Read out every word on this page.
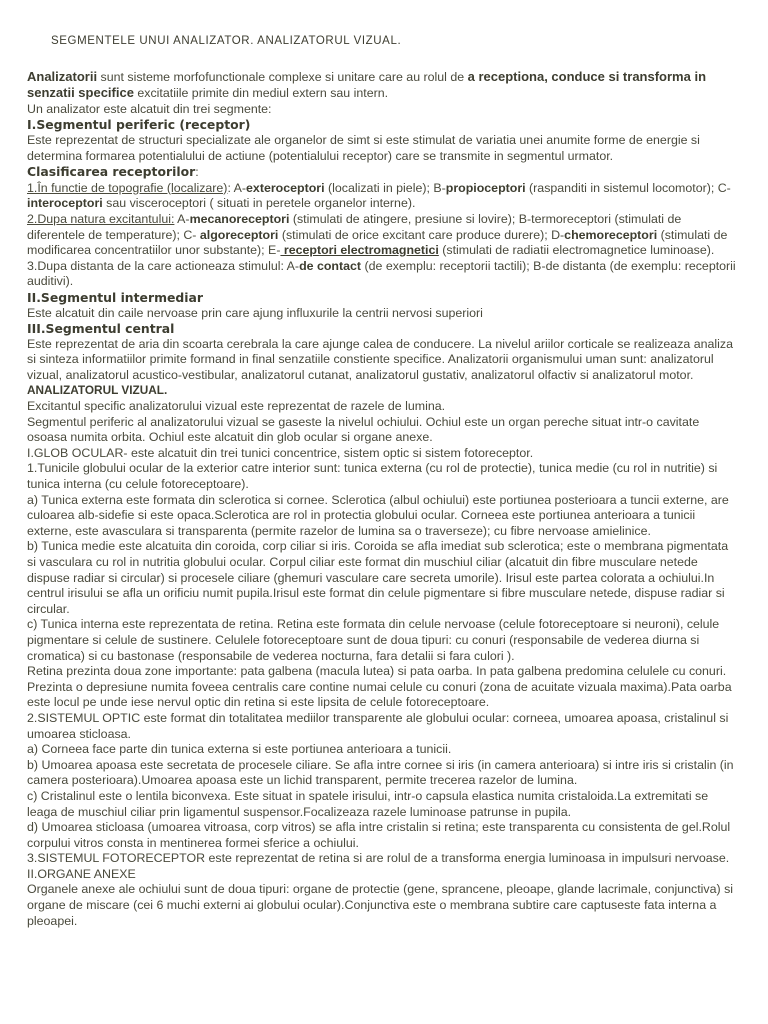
SEGMENTELE UNUI ANALIZATOR. ANALIZATORUL VIZUAL.

Analizatorii sunt sisteme morfofunctionale complexe si unitare care au rolul de a receptiona, conduce si transforma in senzatii specifice excitatiile primite din mediul extern sau intern.

Un analizator este alcatuit din trei segmente:

I.Segmentul periferic (receptor)

Este reprezentat de structuri specializate ale organelor de simt si este stimulat de variatia unei anumite forme de energie si determina formarea potentialului de actiune (potentialului receptor) care se transmite in segmentul urmator.

Clasificarea receptorilor:

1.În functie de topografie (localizare): A-exteroceptori (localizati in piele); B-propioceptori (raspanditi in sistemul locomotor); C- interoceptori sau visceroceptori ( situati in peretele organelor interne).

2.Dupa natura excitantului: A-mecanoreceptori (stimulati de atingere, presiune si lovire); B-termoreceptori (stimulati de diferentele de temperature); C- algoreceptori (stimulati de orice excitant care produce durere); D-chemoreceptori (stimulati de modificarea concentratiilor unor substante); E- receptori electromagnetici (stimulati de radiatii electromagnetice luminoase).

3.Dupa distanta de la care actioneaza stimulul: A-de contact (de exemplu: receptorii tactili); B-de distanta (de exemplu: receptorii auditivi).

II.Segmentul intermediar

Este alcatuit din caile nervoase prin care ajung influxurile la centrii nervosi superiori

III.Segmentul central

Este reprezentat de aria din scoarta cerebrala la care ajunge calea de conducere. La nivelul ariilor corticale se realizeaza analiza si sinteza informatiilor primite formand in final senzatiile constiente specifice. Analizatorii organismului uman sunt: analizatorul vizual, analizatorul acustico-vestibular, analizatorul cutanat, analizatorul gustativ, analizatorul olfactiv si analizatorul motor.

ANALIZATORUL VIZUAL.

Excitantul specific analizatorului vizual este reprezentat de razele de lumina.

Segmentul periferic al analizatorului vizual se gaseste la nivelul ochiului. Ochiul este un organ pereche situat intr-o cavitate osoasa numita orbita. Ochiul este alcatuit din glob ocular si organe anexe.

I.GLOB OCULAR- este alcatuit din trei tunici concentrice, sistem optic si sistem fotoreceptor.

1.Tunicile globului ocular de la exterior catre interior sunt: tunica externa (cu rol de protectie), tunica medie (cu rol in nutritie) si tunica interna (cu celule fotoreceptoare).

a) Tunica externa este formata din sclerotica si cornee. Sclerotica (albul ochiului) este portiunea posterioara a tuncii externe, are culoarea alb-sidefie si este opaca.Sclerotica are rol in protectia globului ocular. Corneea este portiunea anterioara a tunicii externe, este avasculara si transparenta (permite razelor de lumina sa o traverseze); cu fibre nervoase amielinice.

b) Tunica medie este alcatuita din coroida, corp ciliar si iris. Coroida se afla imediat sub sclerotica; este o membrana pigmentata si vasculara cu rol in nutritia globului ocular. Corpul ciliar este format din muschiul ciliar (alcatuit din fibre musculare netede dispuse radiar si circular) si procesele ciliare (ghemuri vasculare care secreta umorile). Irisul este partea colorata a ochiului.In centrul irisului se afla un orificiu numit pupila.Irisul este format din celule pigmentare si fibre musculare netede, dispuse radiar si circular.

c) Tunica interna este reprezentata de retina. Retina este formata din celule nervoase (celule fotoreceptoare si neuroni), celule pigmentare si celule de sustinere. Celulele fotoreceptoare sunt de doua tipuri: cu conuri (responsabile de vederea diurna si cromatica) si cu bastonase (responsabile de vederea nocturna, fara detalii si fara culori ).

Retina prezinta doua zone importante: pata galbena (macula lutea) si pata oarba. In pata galbena predomina celulele cu conuri. Prezinta o depresiune numita foveea centralis care contine numai celule cu conuri (zona de acuitate vizuala maxima).Pata oarba este locul pe unde iese nervul optic din retina si este lipsita de celule fotoreceptoare.

2.SISTEMUL OPTIC este format din totalitatea mediilor transparente ale globului ocular: corneea, umoarea apoasa, cristalinul si umoarea sticloasa.

a) Corneea face parte din tunica externa si este portiunea anterioara a tunicii.

b) Umoarea apoasa este secretata de procesele ciliare. Se afla intre cornee si iris (in camera anterioara) si intre iris si cristalin (in camera posterioara).Umoarea apoasa este un lichid transparent, permite trecerea razelor de lumina.

c) Cristalinul este o lentila biconvexa. Este situat in spatele irisului, intr-o capsula elastica numita cristaloida.La extremitati se leaga de muschiul ciliar prin ligamentul suspensor.Focalizeaza razele luminoase patrunse in pupila.

d) Umoarea sticloasa (umoarea vitroasa, corp vitros) se afla intre cristalin si retina; este transparenta cu consistenta de gel.Rolul corpului vitros consta in mentinerea formei sferice a ochiului.

3.SISTEMUL FOTORECEPTOR este reprezentat de retina si are rolul de a transforma energia luminoasa in impulsuri nervoase.

II.ORGANE ANEXE

Organele anexe ale ochiului sunt de doua tipuri: organe de protectie (gene, sprancene, pleoape, glande lacrimale, conjunctiva) si organe de miscare (cei 6 muchi externi ai globului ocular).Conjunctiva este o membrana subtire care captuseste fata interna a pleoapei.
